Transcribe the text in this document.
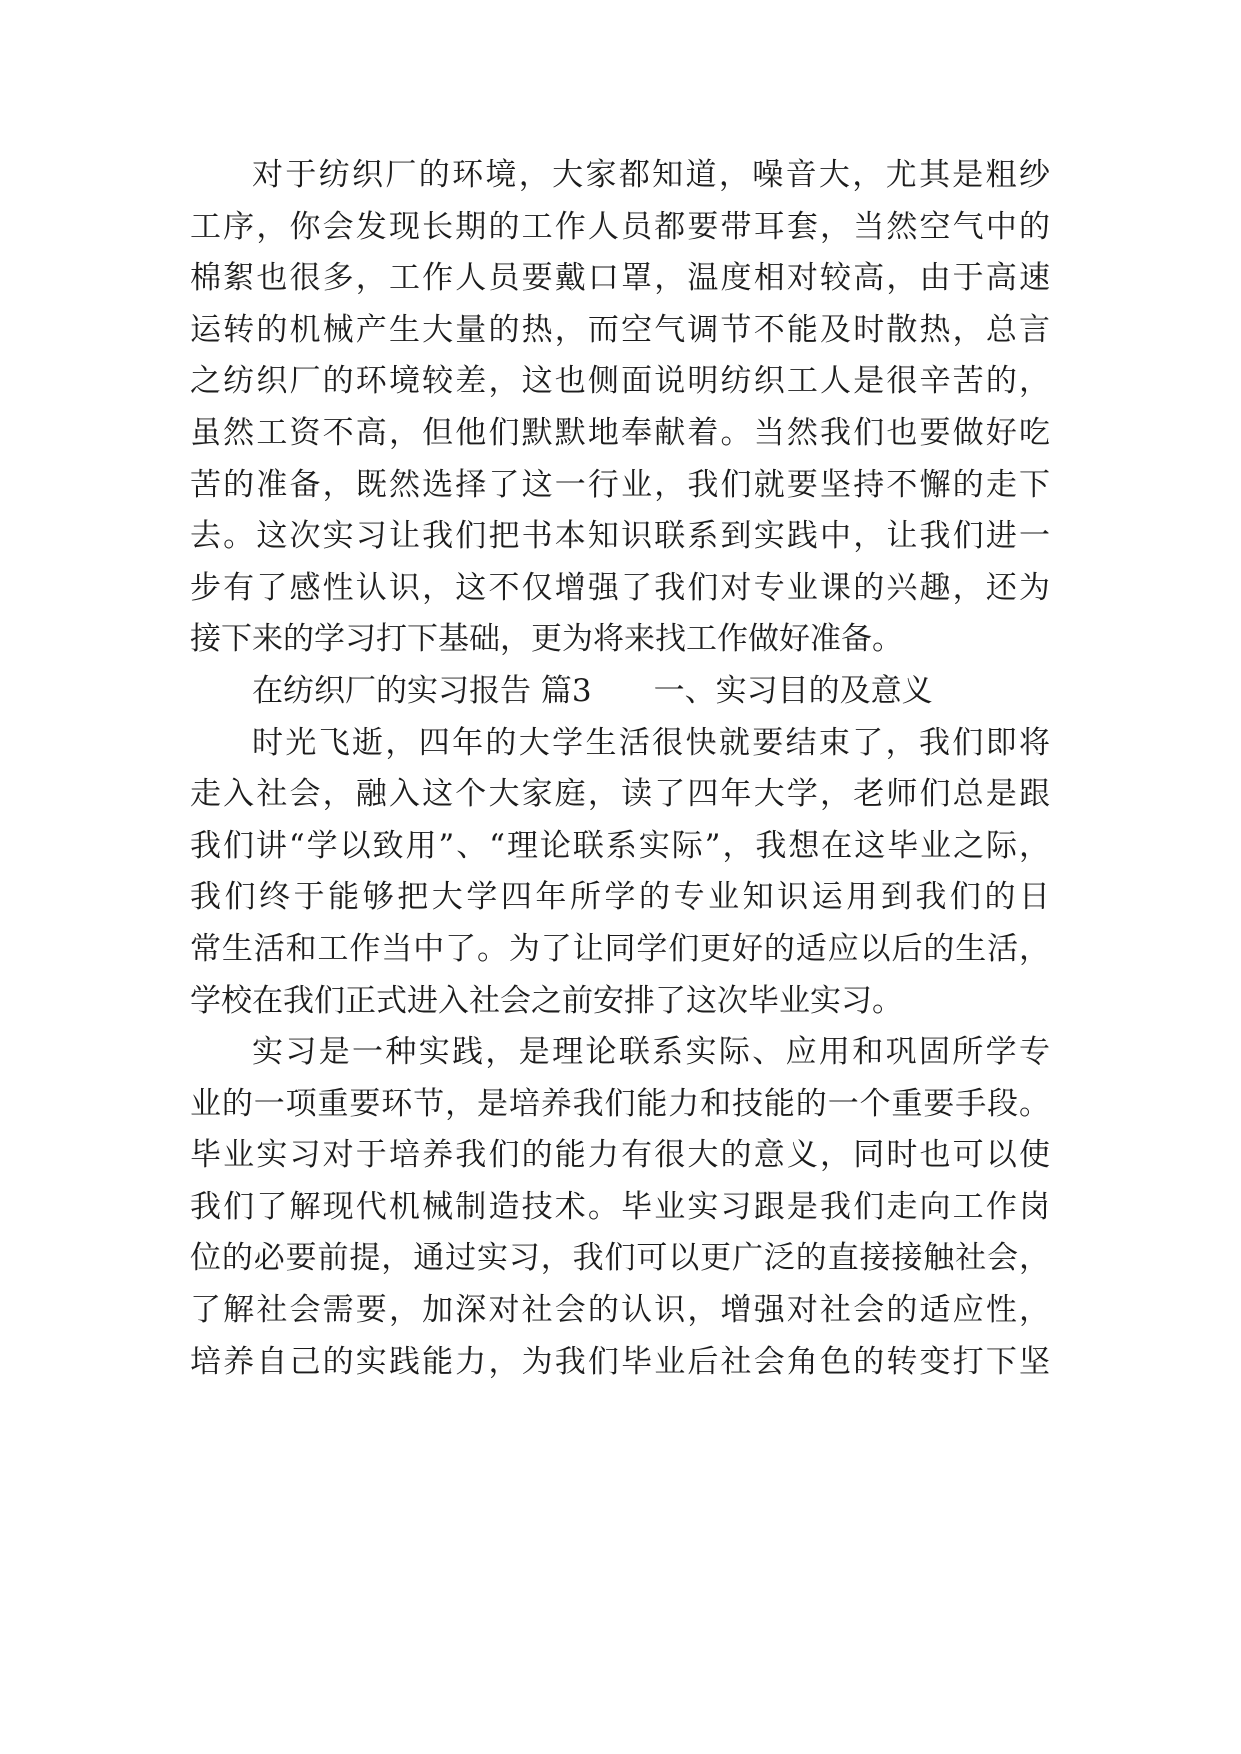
对于纺织厂的环境，大家都知道，噪音大，尤其是粗纱
工序，你会发现长期的工作人员都要带耳套，当然空气中的
棉絮也很多，工作人员要戴口罩，温度相对较高，由于高速
运转的机械产生大量的热，而空气调节不能及时散热，总言
之纺织厂的环境较差，这也侧面说明纺织工人是很辛苦的，
虽然工资不高，但他们默默地奉献着。当然我们也要做好吃
苦的准备，既然选择了这一行业，我们就要坚持不懈的走下
去。这次实习让我们把书本知识联系到实践中，让我们进一
步有了感性认识，这不仅增强了我们对专业课的兴趣，还为
接下来的学习打下基础，更为将来找工作做好准备。
在纺织厂的实习报告 篇3 一、实习目的及意义
时光飞逝，四年的大学生活很快就要结束了，我们即将
走入社会，融入这个大家庭，读了四年大学，老师们总是跟
我们讲“学以致用”、“理论联系实际”，我想在这毕业之际，
我们终于能够把大学四年所学的专业知识运用到我们的日
常生活和工作当中了。为了让同学们更好的适应以后的生活，
学校在我们正式进入社会之前安排了这次毕业实习。
实习是一种实践，是理论联系实际、应用和巩固所学专
业的一项重要环节，是培养我们能力和技能的一个重要手段。
毕业实习对于培养我们的能力有很大的意义，同时也可以使
我们了解现代机械制造技术。毕业实习跟是我们走向工作岗
位的必要前提，通过实习，我们可以更广泛的直接接触社会，
了解社会需要，加深对社会的认识，增强对社会的适应性，
培养自己的实践能力，为我们毕业后社会角色的转变打下坚
